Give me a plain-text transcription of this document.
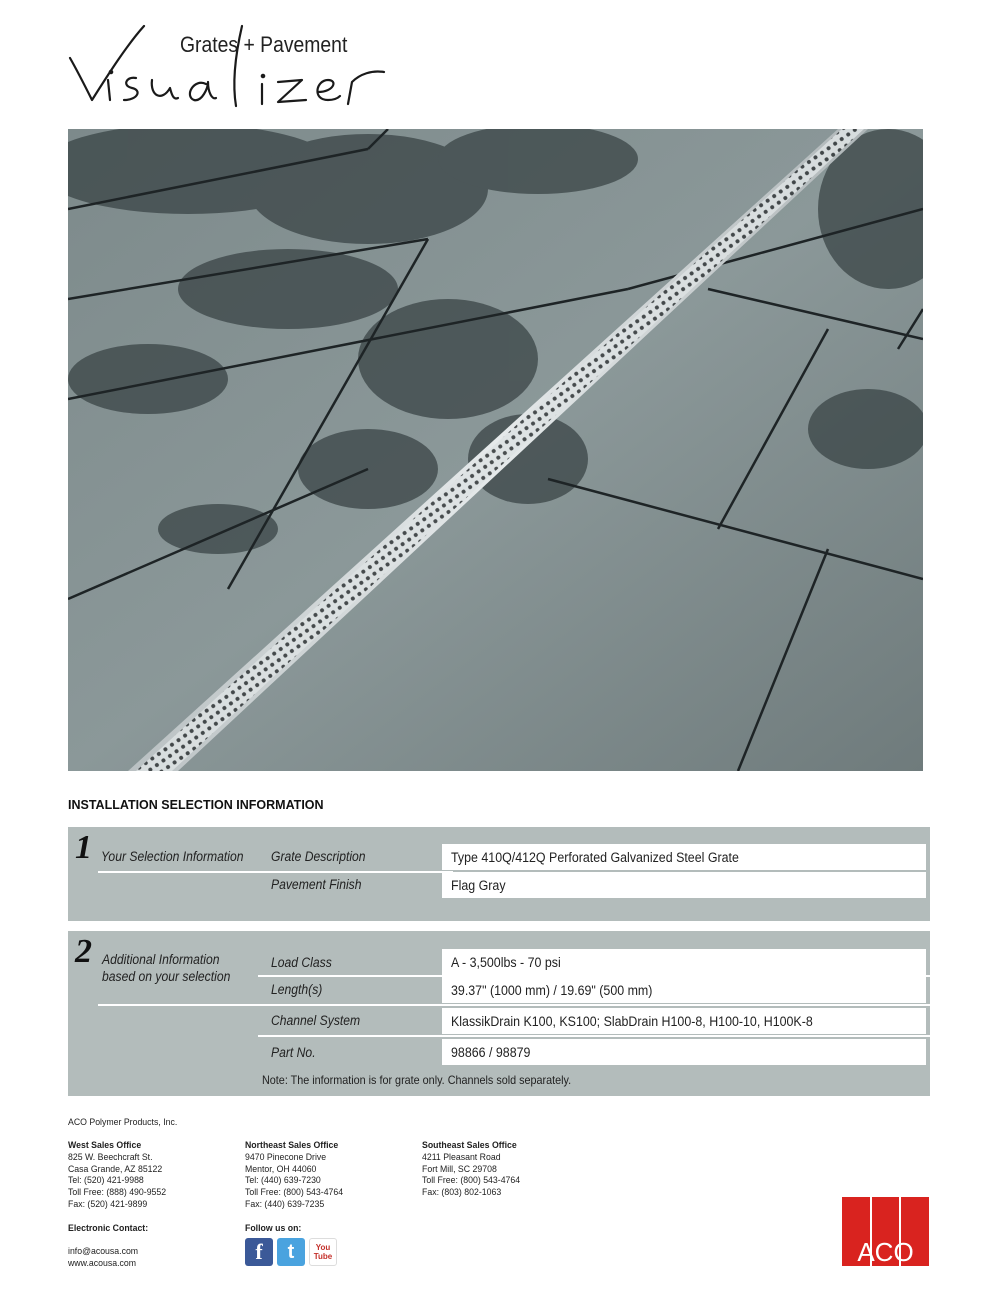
Grates + Pavement
INSTALLATION SELECTION INFORMATION
1 Your Selection Information Grate Description	Type 410Q/412Q Perforated Galvanized Steel Grate
Pavement Finish	Flag Gray
2 Additional Information
based on your selection
Load Class	A - 3,500lbs - 70 psi
Length(s)	39.37" (1000 mm) / 19.69" (500 mm)
Channel System	KlassikDrain K100, KS100; SlabDrain H100-8, H100-10, H100K-8
Part No.	98866 / 98879
Note: The information is for grate only. Channels sold separately.
ACO Polymer Products, Inc.
West Sales Office
825 W. Beechcraft St.
Casa Grande, AZ 85122
Tel: (520) 421-9988
Toll Free: (888) 490-9552
Fax: (520) 421-9899
Northeast Sales Office
9470 Pinecone Drive
Mentor, OH 44060
Tel: (440) 639-7230
Toll Free: (800) 543-4764
Fax: (440) 639-7235
Southeast Sales Office
4211 Pleasant Road
Fort Mill, SC 29708
Toll Free: (800) 543-4764
Fax: (803) 802-1063
Electronic Contact:
info@acousa.com
www.acousa.com
Follow us on:
f	t	You Tube	ACO
